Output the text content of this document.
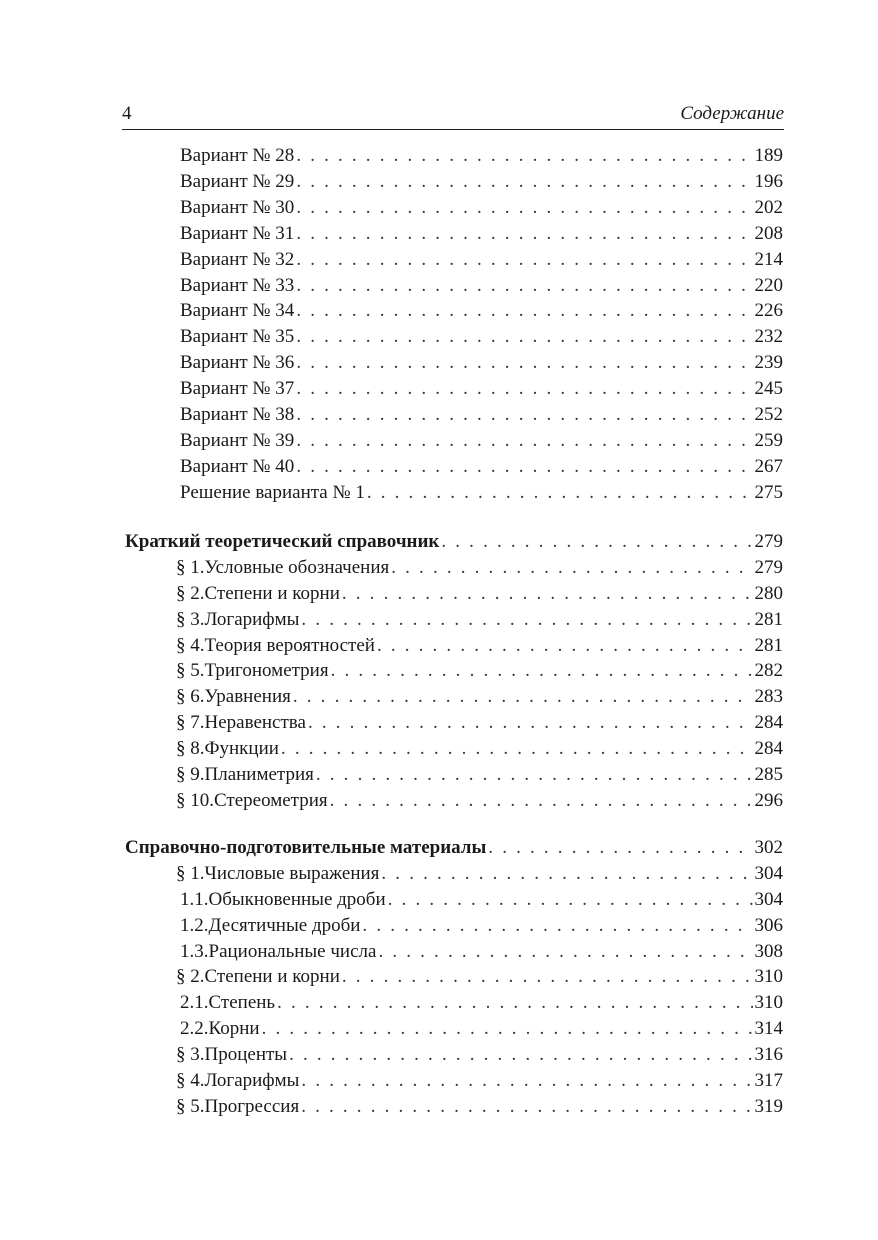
4	Содержание
Вариант № 28 . . .	189
Вариант № 29 . . .	196
Вариант № 30 . . .	202
Вариант № 31 . . .	208
Вариант № 32 . . .	214
Вариант № 33 . . .	220
Вариант № 34 . . .	226
Вариант № 35 . . .	232
Вариант № 36 . . .	239
Вариант № 37 . . .	245
Вариант № 38 . . .	252
Вариант № 39 . . .	259
Вариант № 40 . . .	267
Решение варианта № 1 . . .	275
Краткий теоретический справочник . . .	279
§ 1. Условные обозначения . . .	279
§ 2. Степени и корни . . .	280
§ 3. Логарифмы . . .	281
§ 4. Теория вероятностей . . .	281
§ 5. Тригонометрия . . .	282
§ 6. Уравнения . . .	283
§ 7. Неравенства . . .	284
§ 8. Функции . . .	284
§ 9. Планиметрия . . .	285
§ 10. Стереометрия . . .	296
Справочно-подготовительные материалы . . .	302
§ 1. Числовые выражения . . .	304
1.1. Обыкновенные дроби . . .	304
1.2. Десятичные дроби . . .	306
1.3. Рациональные числа . . .	308
§ 2. Степени и корни . . .	310
2.1. Степень . . .	310
2.2. Корни . . .	314
§ 3. Проценты . . .	316
§ 4. Логарифмы . . .	317
§ 5. Прогрессия . . .	319
